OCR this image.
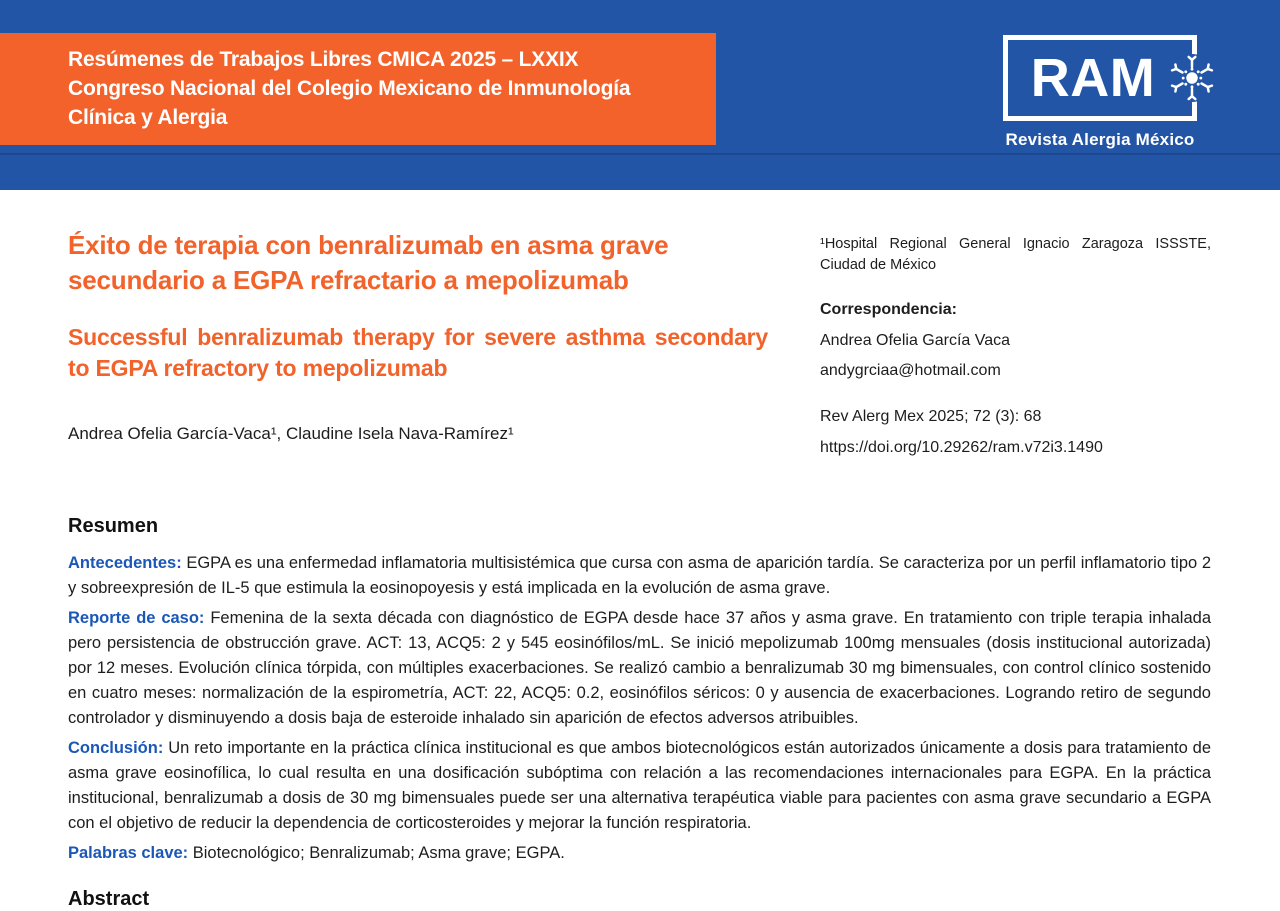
Resúmenes de Trabajos Libres CMICA 2025 – LXXIX
Congreso Nacional del Colegio Mexicano de Inmunología
Clínica y Alergia
RAM
Revista Alergia México
Éxito de terapia con benralizumab en asma grave secundario a EGPA refractario a mepolizumab
Successful benralizumab therapy for severe asthma secondary to EGPA refractory to mepolizumab

Andrea Ofelia García-Vaca¹, Claudine Isela Nava-Ramírez¹

¹Hospital Regional General Ignacio Zaragoza ISSSTE, Ciudad de México

Correspondencia:

Andrea Ofelia García Vaca

andygrciaa@hotmail.com

Rev Alerg Mex 2025; 72 (3): 68

https://doi.org/10.29262/ram.v72i3.1490

Resumen

Antecedentes: EGPA es una enfermedad inflamatoria multisistémica que cursa con asma de aparición tardía. Se caracteriza por un perfil inflamatorio tipo 2 y sobreexpresión de IL-5 que estimula la eosinopoyesis y está implicada en la evolución de asma grave.

Reporte de caso: Femenina de la sexta década con diagnóstico de EGPA desde hace 37 años y asma grave. En tratamiento con triple terapia inhalada pero persistencia de obstrucción grave. ACT: 13, ACQ5: 2 y 545 eosinófilos/mL. Se inició mepolizumab 100mg mensuales (dosis institucional autorizada) por 12 meses. Evolución clínica tórpida, con múltiples exacerbaciones. Se realizó cambio a benralizumab 30 mg bimensuales, con control clínico sostenido en cuatro meses: normalización de la espirometría, ACT: 22, ACQ5: 0.2, eosinófilos séricos: 0 y ausencia de exacerbaciones. Logrando retiro de segundo controlador y disminuyendo a dosis baja de esteroide inhalado sin aparición de efectos adversos atribuibles.

Conclusión: Un reto importante en la práctica clínica institucional es que ambos biotecnológicos están autorizados únicamente a dosis para tratamiento de asma grave eosinofílica, lo cual resulta en una dosificación subóptima con relación a las recomendaciones internacionales para EGPA. En la práctica institucional, benralizumab a dosis de 30 mg bimensuales puede ser una alternativa terapéutica viable para pacientes con asma grave secundario a EGPA con el objetivo de reducir la dependencia de corticosteroides y mejorar la función respiratoria.

Palabras clave: Biotecnológico; Benralizumab; Asma grave; EGPA.

Abstract
